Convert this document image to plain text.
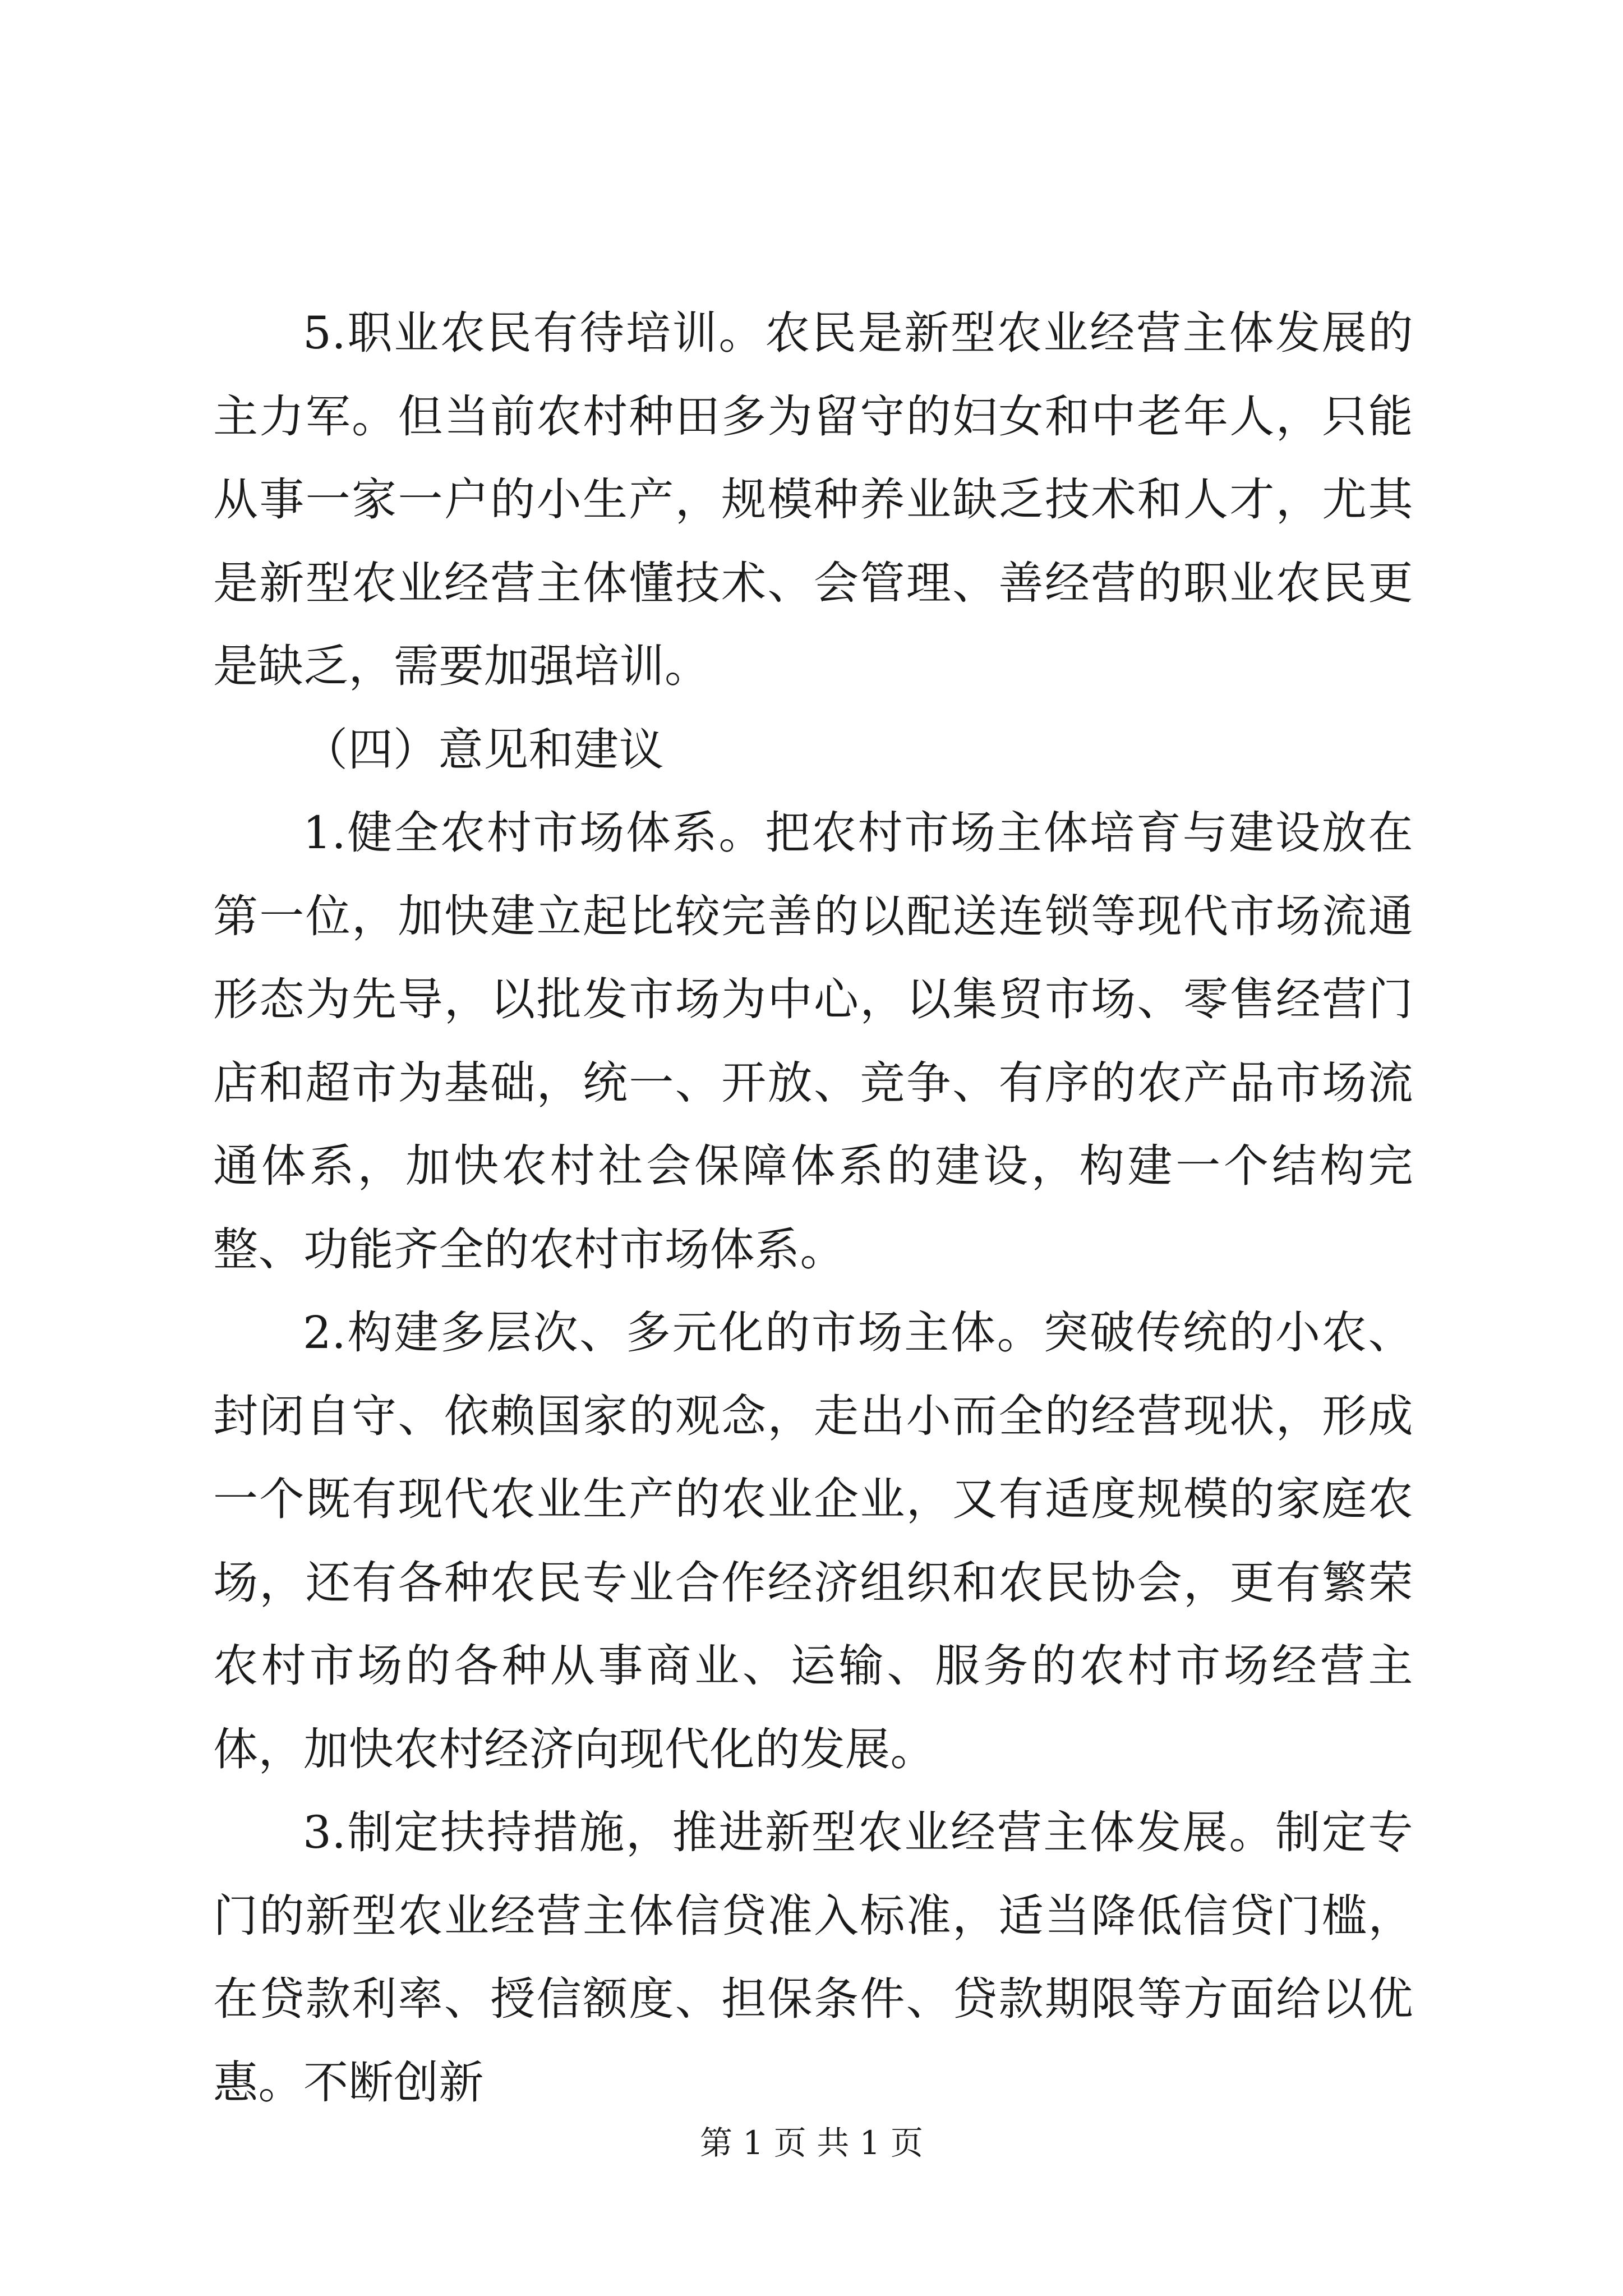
5.职业农民有待培训。农民是新型农业经营主体发展的主力军。但当前农村种田多为留守的妇女和中老年人，只能从事一家一户的小生产，规模种养业缺乏技术和人才，尤其是新型农业经营主体懂技术、会管理、善经营的职业农民更是缺乏，需要加强培训。

（四）意见和建议

1.健全农村市场体系。把农村市场主体培育与建设放在第一位，加快建立起比较完善的以配送连锁等现代市场流通形态为先导，以批发市场为中心，以集贸市场、零售经营门店和超市为基础，统一、开放、竞争、有序的农产品市场流通体系，加快农村社会保障体系的建设，构建一个结构完整、功能齐全的农村市场体系。

2.构建多层次、多元化的市场主体。突破传统的小农、封闭自守、依赖国家的观念，走出小而全的经营现状，形成一个既有现代农业生产的农业企业，又有适度规模的家庭农场，还有各种农民专业合作经济组织和农民协会，更有繁荣农村市场的各种从事商业、运输、服务的农村市场经营主体，加快农村经济向现代化的发展。

3.制定扶持措施，推进新型农业经营主体发展。制定专门的新型农业经营主体信贷准入标准，适当降低信贷门槛，在贷款利率、授信额度、担保条件、贷款期限等方面给以优惠。不断创新

第 1 页 共 1 页
